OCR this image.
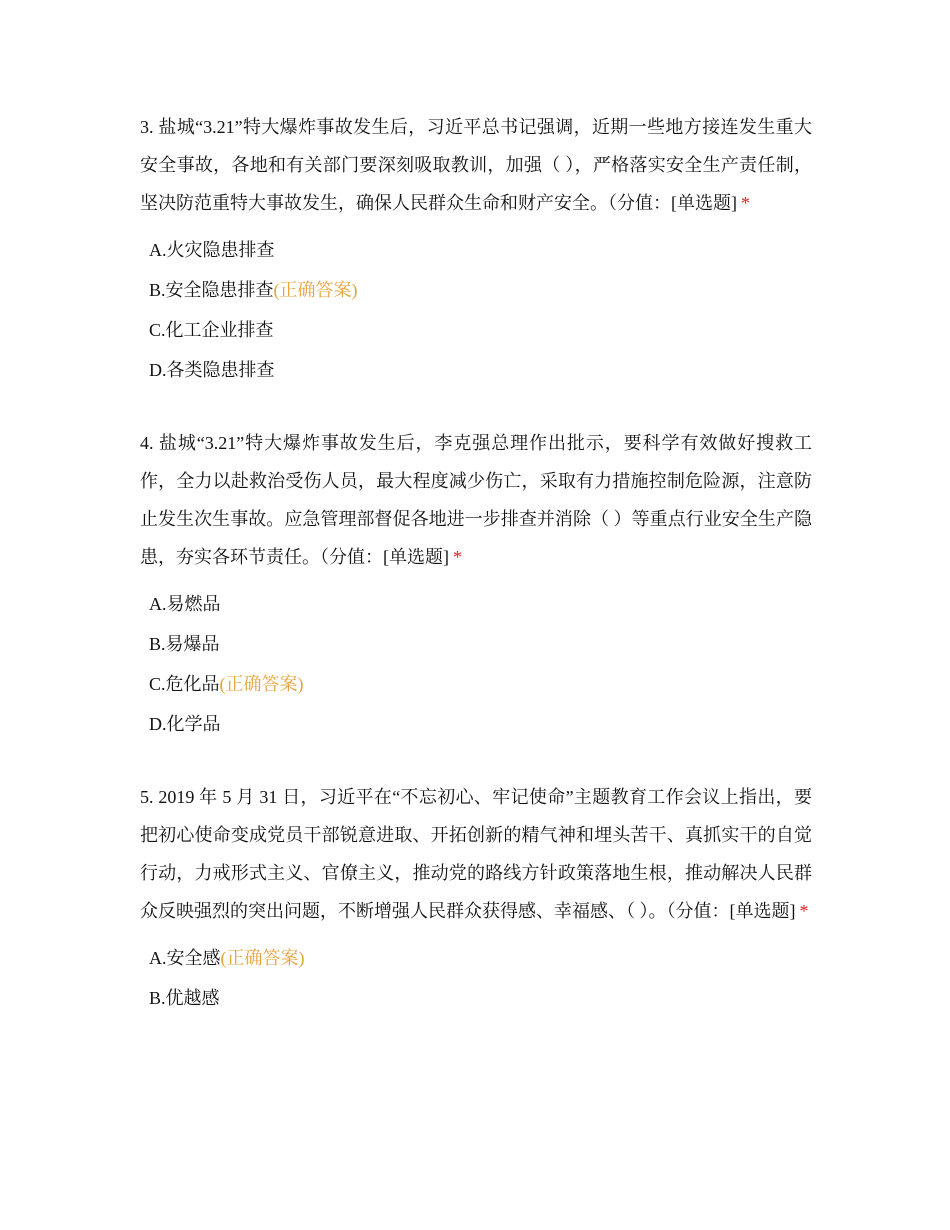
3. 盐城“3.21”特大爆炸事故发生后，习近平总书记强调，近期一些地方接连发生重大安全事故，各地和有关部门要深刻吸取教训，加强（ ），严格落实安全生产责任制，坚决防范重特大事故发生，确保人民群众生命和财产安全。（分值：[单选题] *

A.火灾隐患排查
B.安全隐患排查(正确答案)
C.化工企业排查
D.各类隐患排查

4. 盐城“3.21”特大爆炸事故发生后，李克强总理作出批示，要科学有效做好搜救工作，全力以赴救治受伤人员，最大程度减少伤亡，采取有力措施控制危险源，注意防止发生次生事故。应急管理部督促各地进一步排查并消除（ ）等重点行业安全生产隐患，夯实各环节责任。（分值：[单选题] *

A.易燃品
B.易爆品
C.危化品(正确答案)
D.化学品

5. 2019 年 5 月 31 日，习近平在“不忘初心、牢记使命”主题教育工作会议上指出，要把初心使命变成党员干部锐意进取、开拓创新的精气神和埋头苦干、真抓实干的自觉行动，力戒形式主义、官僚主义，推动党的路线方针政策落地生根，推动解决人民群众反映强烈的突出问题，不断增强人民群众获得感、幸福感、（ ）。（分值：[单选题] *

A.安全感(正确答案)
B.优越感
